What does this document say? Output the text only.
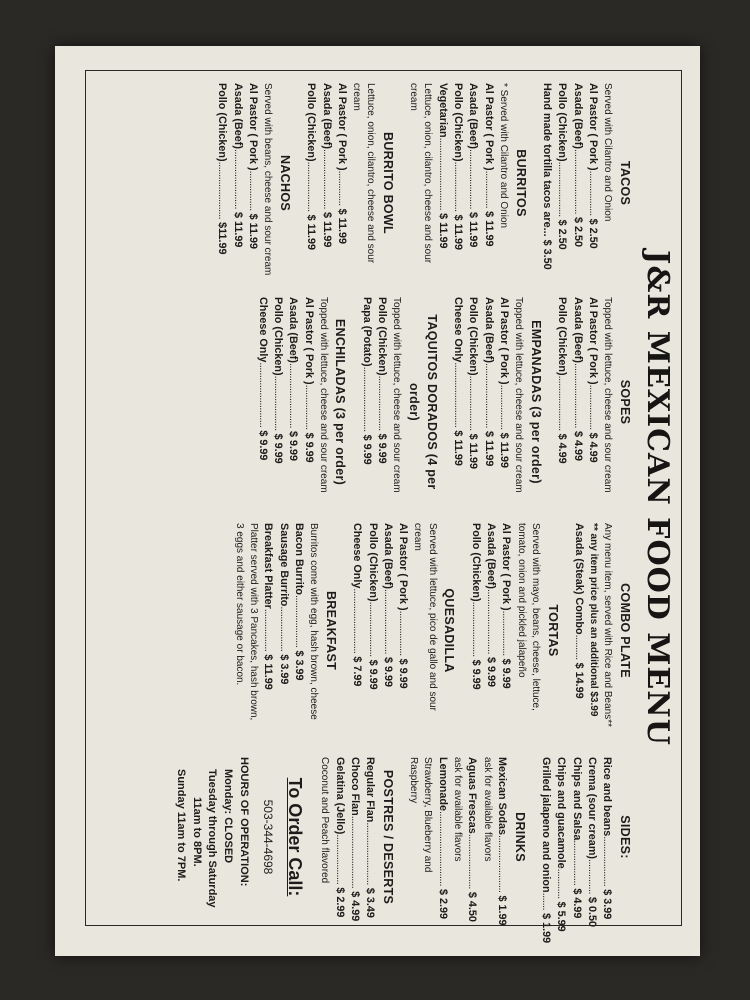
J&R MEXICAN FOOD MENU
TACOS
Served with Cilantro and Onion
Al Pastor ( Pork ).................. $ 2.50
Asada (Beef).......................... $ 2.50
Pollo (Chicken)...................... $ 2.50
Hand made tortilla tacos are... $ 3.50
BURRITOS
* Served with Cilantro and Onion
Al Pastor ( Pork )............... $ 11.99
Asada (Beef)........................ $ 11.99
Pollo (Chicken).................... $ 11.99
Vegetarian............................. $ 11.99
Lettuce, onion, cilantro, cheese and sour cream
BURRITO BOWL
Lettuce, onion, cilantro, cheese and sour cream
Al Pastor ( Pork ).............. $ 11.99
Asada (Beef)........................ $ 11.99
Pollo (Chicken).................... $ 11.99
NACHOS
Served with beans, cheese and sour cream
Al Pastor ( Pork )................ $ 11.99
Asada (Beef)........................ $ 11.99
Pollo (Chicken)....................... $11.99
SOPES
Topped with lettuce, cheese and sour cream
Al Pastor ( Pork ).................. $ 4.99
Asada (Beef).......................... $ 4.99
Pollo (Chicken)...................... $ 4.99
EMPANADAS (3 per order)
Topped with lettuce, cheese and sour cream
Al Pastor ( Pork ).................. $ 11.99
Asada (Beef).......................... $ 11.99
Pollo (Chicken)...................... $ 11.99
Cheese Only.......................... $ 11.99
TAQUITOS DORADOS (4 per order)
Topped with lettuce, cheese and sour cream
Pollo (Chicken)...................... $ 9.99
Papa (Potato).......................... $ 9.99
ENCHILADAS (3 per order)
Topped with lettuce, cheese and sour cream
Al Pastor ( Pork ).................. $ 9.99
Asada (Beef).......................... $ 9.99
Pollo (Chicken)...................... $ 9.99
Cheese Only.......................... $ 9.99
COMBO PLATE
Any menu item, served with Rice and Beans**
** any item price plus an additional $3.99
Asada (Steak) Combo.......... $ 14.99
TORTAS
Served with mayo, beans, cheese, lettuce,
tomato, onion and pickled jalapeño
Al Pastor ( Pork ).................. $ 9.99
Asada (Beef).......................... $ 9.99
Pollo (Chicken)...................... $ 9.99
QUESADILLA
Served with lettuce, pico de gallo and sour cream
Al Pastor ( Pork ).................. $ 9.99
Asada (Beef).......................... $ 9.99
Pollo (Chicken)...................... $ 9.99
Cheese Only.......................... $ 7.99
BREAKFAST
Burritos come with egg, hash brown, cheese
Bacon Burrito..................... $ 3.99
Sausage Burrito.................. $ 3.99
Breakfast Platter................. $ 11.99
Platter served with 3 Pancakes, hash brown,
3 eggs and either sausage or bacon.
SIDES:
Rice and beans.................... $ 3.99
Crema (sour cream).............. $ 0.50
Chips and Salsa.................. $ 4.99
Chips and guacamole............ $ 5.99
Grilled jalapeno and onion....... $ 1.99
DRINKS
Mexican Sodas....................... $ 1.99
ask for available flavors
Aguas Frescas...................... $ 4.50
ask for available flavors
Lemonade.............................. $ 2.99
Strawberry, Blueberry and Raspberry
POSTRES / DESERTS
Regular Flan......................... $ 3.49
Choco Flan............................. $ 4.99
Gelatina (Jello).................... $ 2.99
Coconut and Peach flavored
To Order Call:
503-344-4698
HOURS OF OPERATION:
Monday: CLOSED
Tuesday through Saturday
11am to 8PM.
Sunday 11am to 7PM.
